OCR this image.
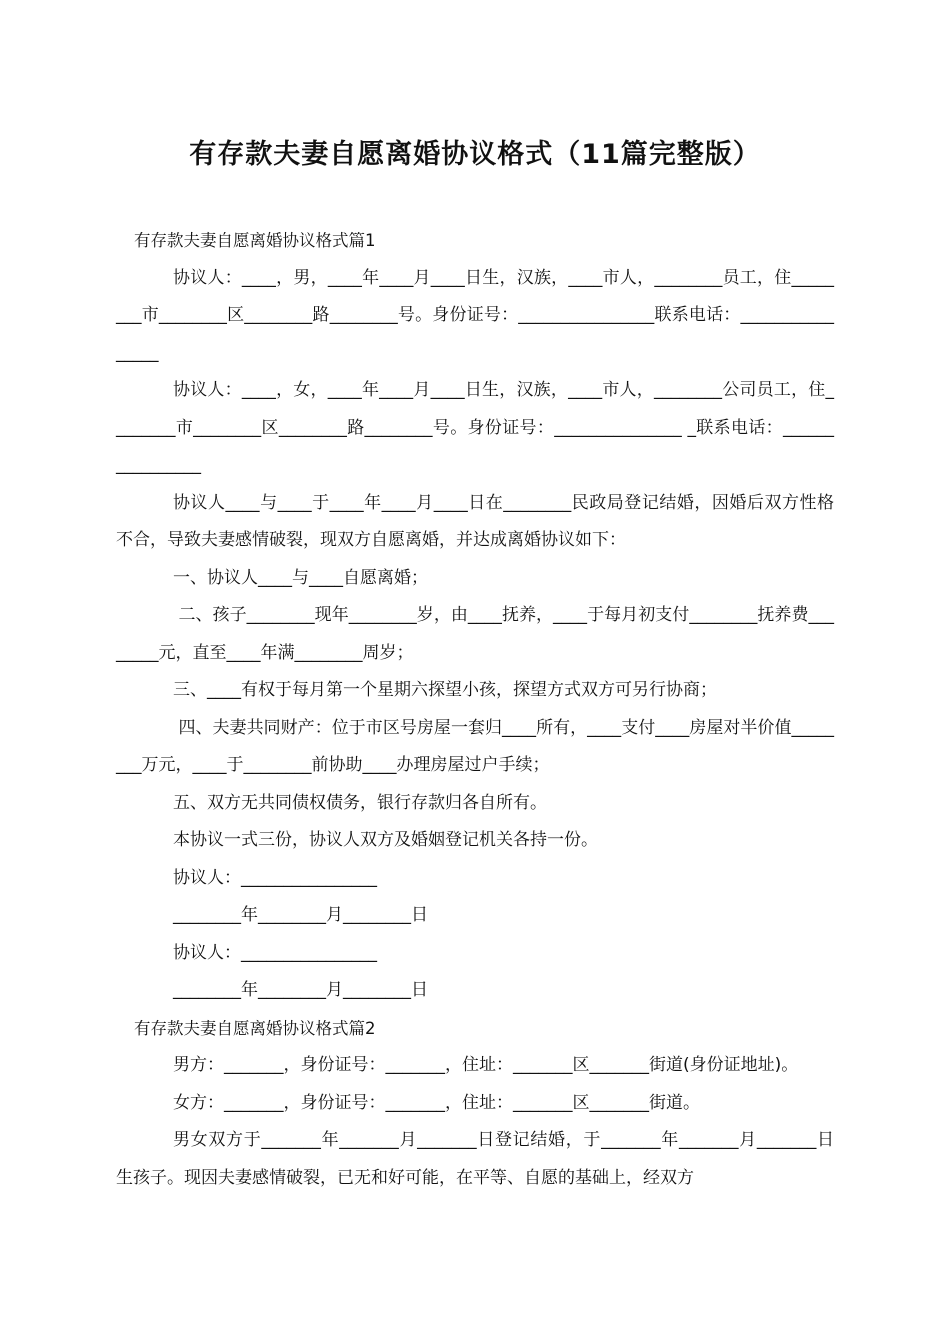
有存款夫妻自愿离婚协议格式（11篇完整版）

有存款夫妻自愿离婚协议格式篇1

协议人：____，男，____年____月____日生，汉族，____市人，________员工，住________市________区________路________号。身份证号：________________联系电话：________________

协议人：____，女，____年____月____日生，汉族，____市人，________公司员工，住________市________区________路________号。身份证号：_______________ _联系电话：________________

协议人____与____于____年____月____日在________民政局登记结婚，因婚后双方性格不合，导致夫妻感情破裂，现双方自愿离婚，并达成离婚协议如下：

一、协议人____与____自愿离婚；

二、孩子________现年________岁，由____抚养，____于每月初支付________抚养费________元，直至____年满________周岁；

三、____有权于每月第一个星期六探望小孩，探望方式双方可另行协商；

四、夫妻共同财产：位于市区号房屋一套归____所有，____支付____房屋对半价值________万元，____于________前协助____办理房屋过户手续；

五、双方无共同债权债务，银行存款归各自所有。

本协议一式三份，协议人双方及婚姻登记机关各持一份。

协议人：________________

________年________月________日

协议人：________________

________年________月________日

有存款夫妻自愿离婚协议格式篇2

男方：_______，身份证号：_______，住址：_______区_______街道(身份证地址)。

女方：_______，身份证号：_______，住址：_______区_______街道。

男女双方于_______年_______月_______日登记结婚，于_______年_______月_______日生孩子。现因夫妻感情破裂，已无和好可能，在平等、自愿的基础上，经双方
